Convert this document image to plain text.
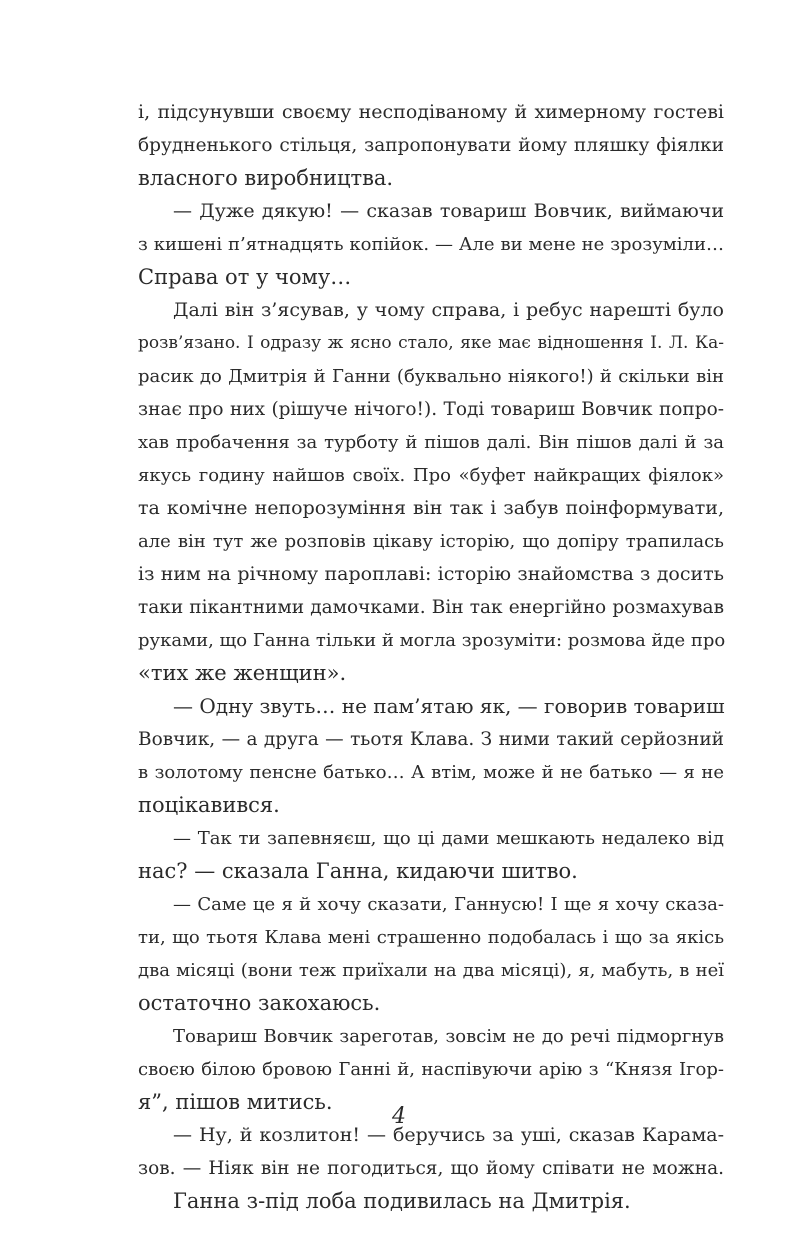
і, підсунувши своєму несподіваному й химерному гостеві
брудненького стільця, запропонувати йому пляшку фіялки
власного виробництва.
— Дуже дякую! — сказав товариш Вовчик, виймаючи
з кишені п’ятнадцять копійок. — Але ви мене не зрозуміли…
Справа от у чому…
Далі він з’ясував, у чому справа, і ребус нарешті було
розв’язано. І одразу ж ясно стало, яке має відношення І. Л. Ка-
расик до Дмитрія й Ганни (буквально ніякого!) й скільки він
знає про них (рішуче нічого!). Тоді товариш Вовчик попро-
хав пробачення за турботу й пішов далі. Він пішов далі й за
якусь годину найшов своїх. Про «буфет найкращих фіялок»
та комічне непорозуміння він так і забув поінформувати,
але він тут же розповів цікаву історію, що допіру трапилась
із ним на річному пароплаві: історію знайомства з досить
таки пікантними дамочками. Він так енергійно розмахував
руками, що Ганна тільки й могла зрозуміти: розмова йде про
«тих же женщин».
— Одну звуть… не пам’ятаю як, — говорив товариш
Вовчик, — а друга — тьотя Клава. З ними такий серйозний
в золотому пенсне батько… А втім, може й не батько — я не
поцікавився.
— Так ти запевняєш, що ці дами мешкають недалеко від
нас? — сказала Ганна, кидаючи шитво.
— Саме це я й хочу сказати, Ганнусю! І ще я хочу сказа-
ти, що тьотя Клава мені страшенно подобалась і що за якісь
два місяці (вони теж приїхали на два місяці), я, мабуть, в неї
остаточно закохаюсь.
Товариш Вовчик зареготав, зовсім не до речі підморгнув
своєю білою бровою Ганні й, наспівуючи арію з “Князя Ігор-
я”, пішов митись.
— Ну, й козлитон! — беручись за уші, сказав Карама-
зов. — Ніяк він не погодиться, що йому співати не можна.
Ганна з-під лоба подивилась на Дмитрія.
4
